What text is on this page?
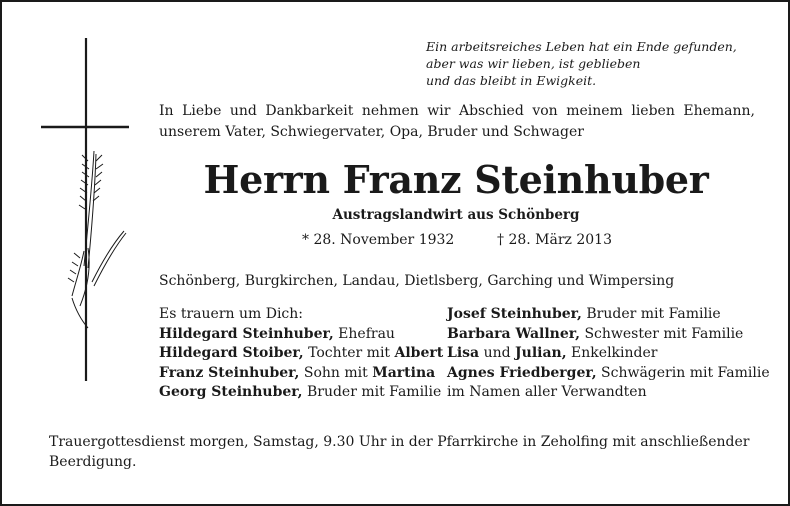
Ein arbeitsreiches Leben hat ein Ende gefunden,
aber was wir lieben, ist geblieben
und das bleibt in Ewigkeit.
In Liebe und Dankbarkeit nehmen wir Abschied von meinem lieben Ehemann,
unserem Vater, Schwiegervater, Opa, Bruder und Schwager
Herrn Franz Steinhuber
Austragslandwirt aus Schönberg
* 28. November 1932	† 28. März 2013
Schönberg, Burgkirchen, Landau, Dietlsberg, Garching und Wimpersing
Es trauern um Dich:
Hildegard Steinhuber, Ehefrau
Hildegard Stoiber, Tochter mit Albert
Franz Steinhuber, Sohn mit Martina
Georg Steinhuber, Bruder mit Familie
Josef Steinhuber, Bruder mit Familie
Barbara Wallner, Schwester mit Familie
Lisa und Julian, Enkelkinder
Agnes Friedberger, Schwägerin mit Familie
im Namen aller Verwandten
Trauergottesdienst morgen, Samstag, 9.30 Uhr in der Pfarrkirche in Zeholfing mit anschließender
Beerdigung.
